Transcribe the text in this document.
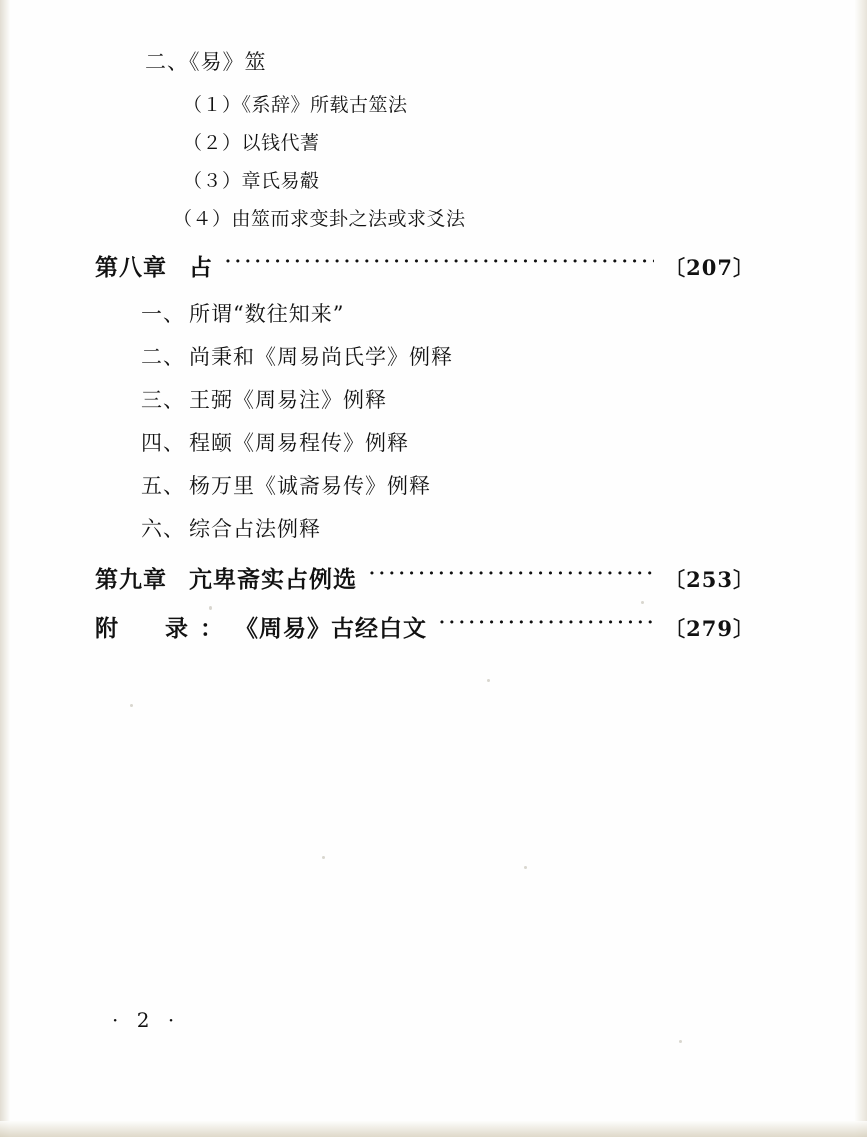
二、《易》筮
（１）《系辞》所载古筮法
（２）以钱代蓍
（３）章氏易觳
（４）由筮而求变卦之法或求爻法
第八章 占 ·····	〔207〕
一、 所谓“数往知来”
二、 尚秉和《周易尚氏学》例释
三、 王弼《周易注》例释
四、 程颐《周易程传》例释
五、 杨万里《诚斋易传》例释
六、 综合占法例释
第九章 亢卑斋实占例选 ·····	〔253〕
附　录： 《周易》古经白文 ·····	〔279〕
· 2 ·
